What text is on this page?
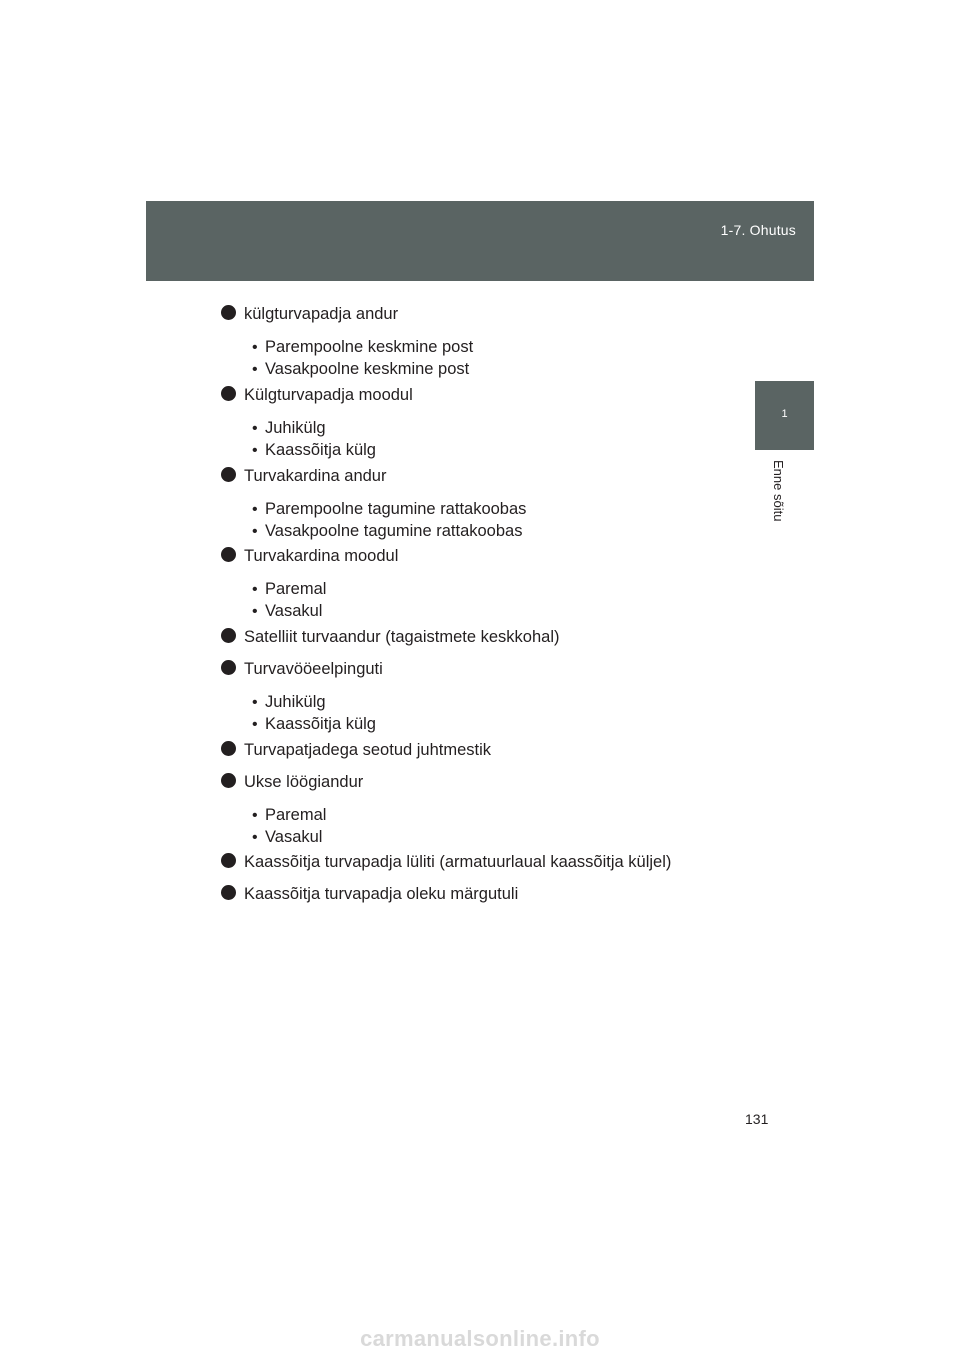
1-7. Ohutus
1
Enne sõitu
külgturvapadja andur
• Parempoolne keskmine post
• Vasakpoolne keskmine post
Külgturvapadja moodul
• Juhikülg
• Kaassõitja külg
Turvakardina andur
• Parempoolne tagumine rattakoobas
• Vasakpoolne tagumine rattakoobas
Turvakardina moodul
• Paremal
• Vasakul
Satelliit turvaandur (tagaistmete keskkohal)
Turvavööeelpinguti
• Juhikülg
• Kaassõitja külg
Turvapatjadega seotud juhtmestik
Ukse löögiandur
• Paremal
• Vasakul
Kaassõitja turvapadja lüliti (armatuurlaual kaassõitja küljel)
Kaassõitja turvapadja oleku märgutuli
131
carmanualsonline.info
